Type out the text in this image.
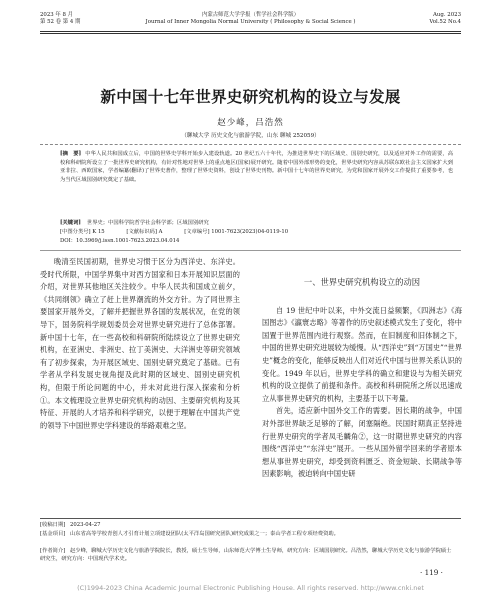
2023 年 8 月
第 52 卷 第 4 期
内蒙古师范大学学报（哲学社会科学版）
Journal of Inner Mongolia Normal University ( Philosophy & Social Science )
Aug. 2023
Vol.52 No.4
新中国十七年世界史研究机构的设立与发展
赵少峰，吕浩然
（聊城大学 历史文化与旅游学院，山东 聊城 252059）
[摘　要] 中华人民共和国成立后，中国的世界史学科开始步入建设轨道。20 世纪五六十年代，为推进世界史下的区域史、国别史研究，以及适应对外工作的需要，高校和科研院所设立了一批世界史研究机构，有针对性地对世界上的重点地区(国家)展开研究。随着中国外部形势的变化，世界史研究内容从苏联东欧社会主义国家扩大到亚非拉、西欧国家，学者编纂(翻译)了世界史著作，整理了世界史资料，创设了世界史刊物。新中国十七年的世界史研究，为党和国家开展外交工作提供了重要参考，也为当代区域国别研究奠定了基础。
[关键词] 世界史；中国科学院哲学社会科学部；区域国别研究
[中图分类号] K 15	[文献标识码] A	[文章编号] 1001-7623(2023)04-0119-10
DOI：10.3969/j.issn.1001-7623.2023.04.014

晚清至民国初期，世界史习惯于区分为西洋史、东洋史。受时代所限，中国学界集中对西方国家和日本开展知识层面的介绍，对世界其他地区关注较少。中华人民共和国成立前夕，《共同纲领》确立了赶上世界潮流的外交方针。为了同世界主要国家开展外交，了解并把握世界各国的发展状况，在党的领导下，国务院科学规划委员会对世界史研究进行了总体部署。新中国十七年，在一些高校和科研院所陆续设立了世界史研究机构，在亚洲史、非洲史、拉丁美洲史、大洋洲史等研究领域有了初步探索，为开展区域史、国别史研究奠定了基础。已有学者从学科发展史视角提及此时期的区域史、国别史研究机构，但限于所论问题的中心，并未对此进行深入探索和分析①。本文梳理设立世界史研究机构的动因、主要研究机构及其特征、开展的人才培养和科学研究，以便于理解在中国共产党的领导下中国世界史学科建设的举路艰难之坚。

一、世界史研究机构设立的动因

自 19 世纪中叶以来，中外交流日益频繁，《四洲志》《海国图志》《瀛寰志略》等著作的历史叙述模式发生了变化，将中国置于世界范围内进行观察。然而，在旧制度和旧体制之下，中国的世界史研究进展较为缓慢。从“西洋史”到“万国史”“世界史”概念的变化，能够反映出人们对近代中国与世界关系认识的变化。1949 年以后，世界史学科的确立和建设与为相关研究机构的设立提供了前提和条件。高校和科研院所之所以迅速成立从事世界史研究的机构，主要基于以下考量。

首先，适应新中国外交工作的需要。因长期的战争，中国对外部世界缺乏足够的了解，闭塞隔绝。民国时期真正坚持进行世界史研究的学者凤毛麟角②，这一时期世界史研究的内容围绕“西洋史”“东洋史”展开。一些从国外留学回来的学者原本想从事世界史研究，却受到资料匮乏、资金短缺、长期战争等因素影响，被迫转向中国史研

[收稿日期] 2023-04-27
[基金项目] 山东省高等学校青创人才引育计划立项建设团队(太平洋岛国研究团队)研究成果之一；泰山学者工程专项经费资助。
[作者简介] 赵少峰，聊城大学历史文化与旅游学院院长，教授，硕士生导师，山东师范大学博士生导师，研究方向：区域国别研究。吕浩然，聊城大学历史文化与旅游学院硕士研究生，研究方向：中国现代学术史。
· 119 ·
(C)1994-2023 China Academic Journal Electronic Publishing House. All rights reserved. http://www.cnki.net
